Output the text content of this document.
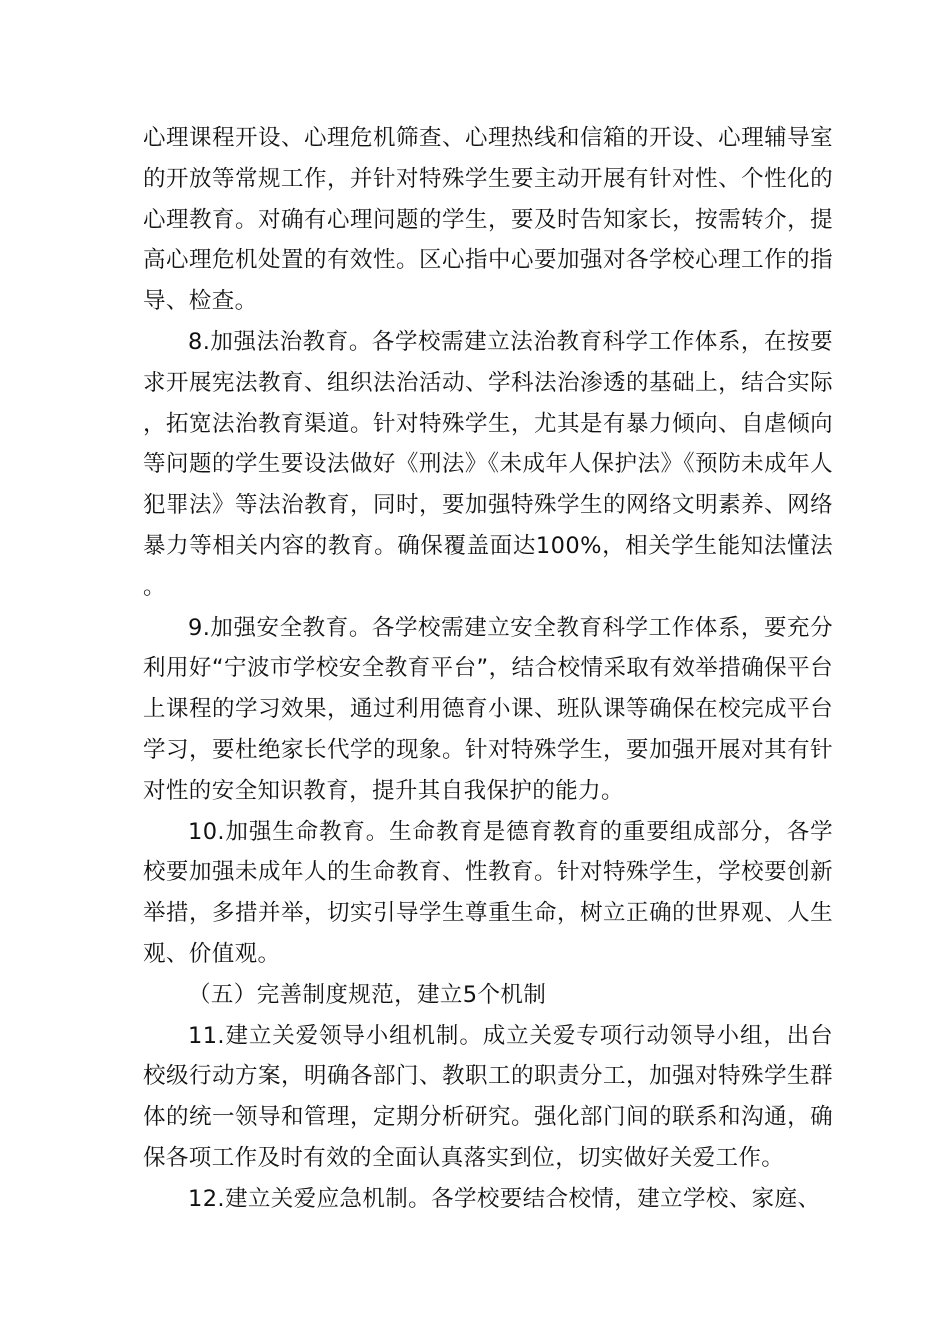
心理课程开设、心理危机筛查、心理热线和信箱的开设、心理辅导室的开放等常规工作，并针对特殊学生要主动开展有针对性、个性化的心理教育。对确有心理问题的学生，要及时告知家长，按需转介，提高心理危机处置的有效性。区心指中心要加强对各学校心理工作的指导、检查。

8.加强法治教育。各学校需建立法治教育科学工作体系，在按要求开展宪法教育、组织法治活动、学科法治渗透的基础上，结合实际，拓宽法治教育渠道。针对特殊学生，尤其是有暴力倾向、自虐倾向等问题的学生要设法做好《刑法》《未成年人保护法》《预防未成年人犯罪法》等法治教育，同时，要加强特殊学生的网络文明素养、网络暴力等相关内容的教育。确保覆盖面达100%，相关学生能知法懂法。

9.加强安全教育。各学校需建立安全教育科学工作体系，要充分利用好“宁波市学校安全教育平台”，结合校情采取有效举措确保平台上课程的学习效果，通过利用德育小课、班队课等确保在校完成平台学习，要杜绝家长代学的现象。针对特殊学生，要加强开展对其有针对性的安全知识教育，提升其自我保护的能力。

10.加强生命教育。生命教育是德育教育的重要组成部分，各学校要加强未成年人的生命教育、性教育。针对特殊学生，学校要创新举措，多措并举，切实引导学生尊重生命，树立正确的世界观、人生观、价值观。

（五）完善制度规范，建立5个机制

11.建立关爱领导小组机制。成立关爱专项行动领导小组，出台校级行动方案，明确各部门、教职工的职责分工，加强对特殊学生群体的统一领导和管理，定期分析研究。强化部门间的联系和沟通，确保各项工作及时有效的全面认真落实到位，切实做好关爱工作。

12.建立关爱应急机制。各学校要结合校情，建立学校、家庭、
